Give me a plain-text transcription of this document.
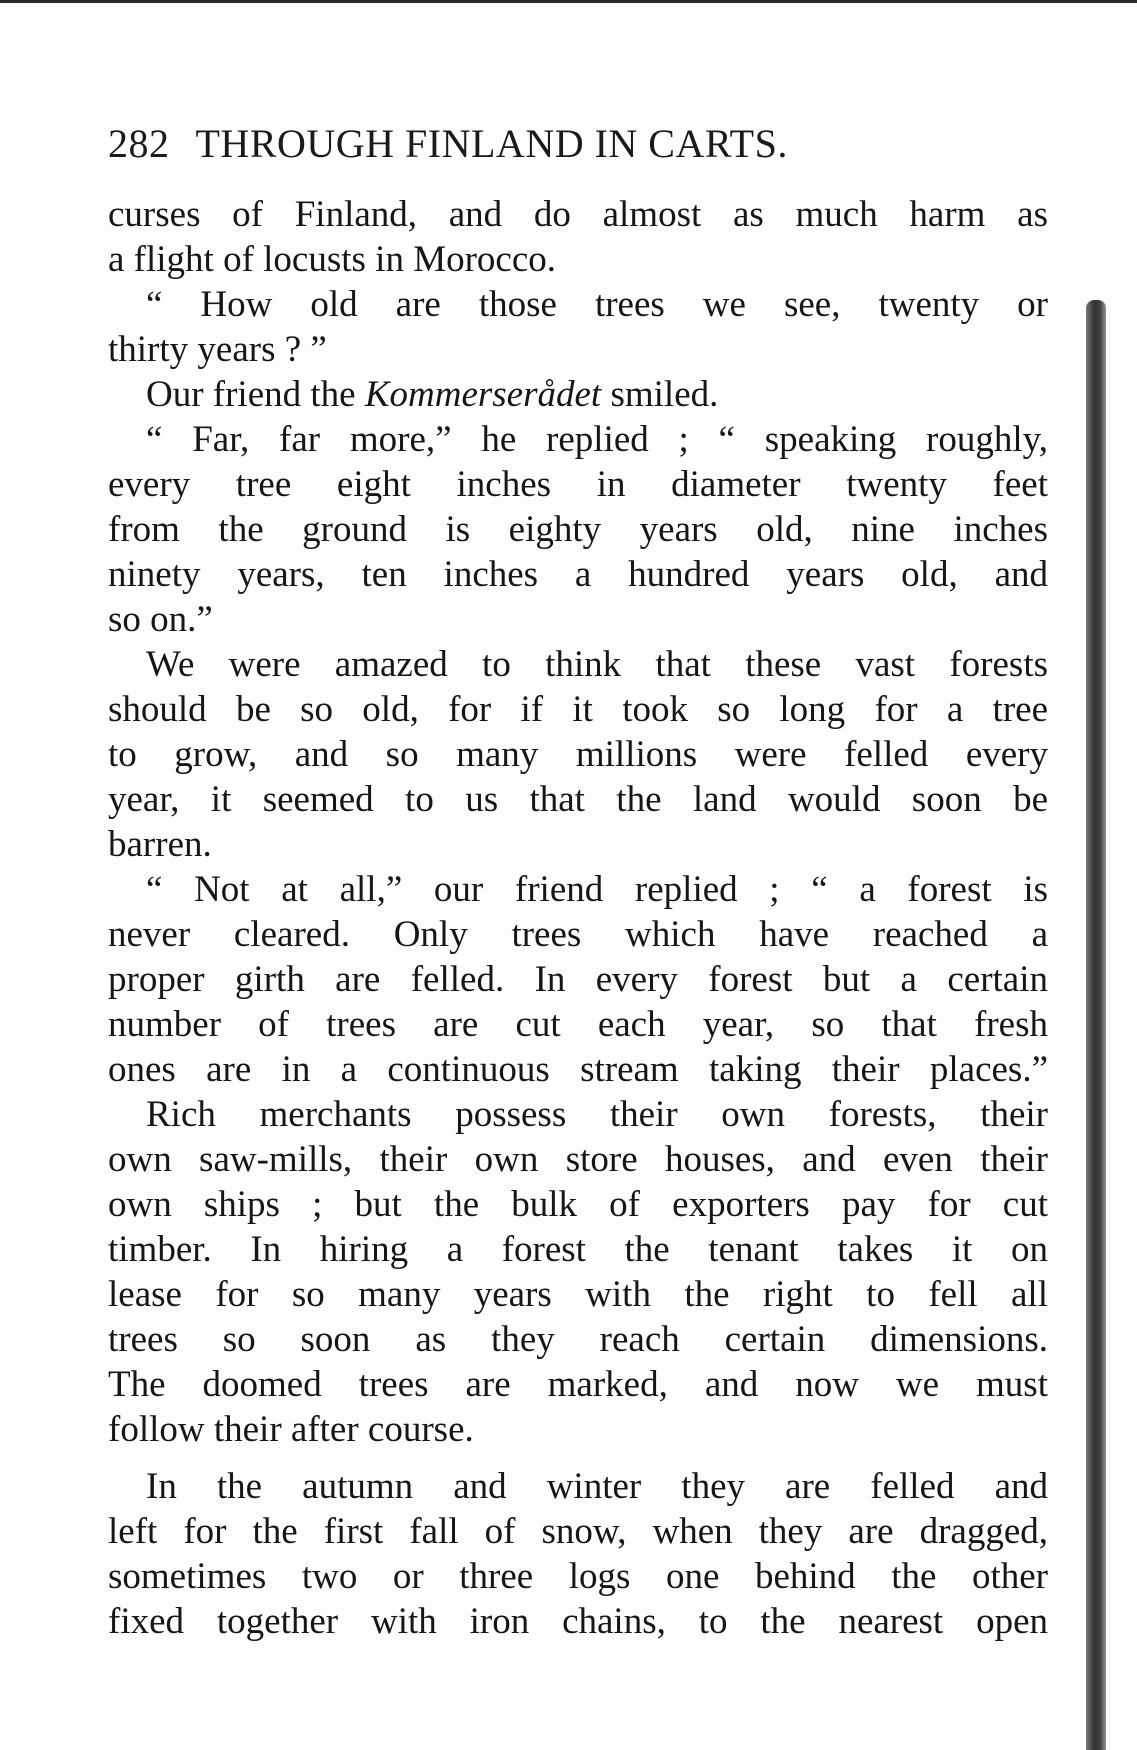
282 THROUGH FINLAND IN CARTS.
curses of Finland, and do almost as much harm as
a flight of locusts in Morocco.
“ How old are those trees we see, twenty or
thirty years ? ”
Our friend the Kommerserådet smiled.
“ Far, far more,” he replied ; “ speaking roughly,
every tree eight inches in diameter twenty feet
from the ground is eighty years old, nine inches
ninety years, ten inches a hundred years old, and
so on.”
We were amazed to think that these vast forests
should be so old, for if it took so long for a tree
to grow, and so many millions were felled every
year, it seemed to us that the land would soon be
barren.
“ Not at all,” our friend replied ; “ a forest is
never cleared. Only trees which have reached a
proper girth are felled. In every forest but a certain
number of trees are cut each year, so that fresh
ones are in a continuous stream taking their places.”
Rich merchants possess their own forests, their
own saw-mills, their own store houses, and even their
own ships ; but the bulk of exporters pay for cut
timber. In hiring a forest the tenant takes it on
lease for so many years with the right to fell all
trees so soon as they reach certain dimensions.
The doomed trees are marked, and now we must
follow their after course.
In the autumn and winter they are felled and
left for the first fall of snow, when they are dragged,
sometimes two or three logs one behind the other
fixed together with iron chains, to the nearest open
